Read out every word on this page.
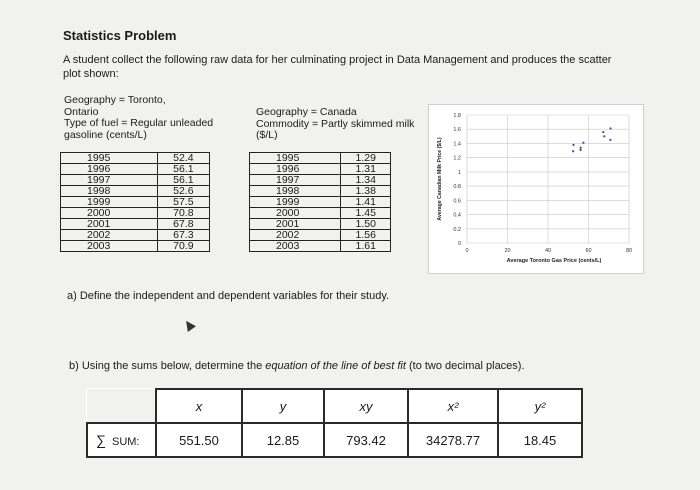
Statistics Problem
A student collect the following raw data for her culminating project in Data Management and produces the scatter plot shown:
Geography = Toronto,
Ontario
Type of fuel = Regular unleaded
gasoline (cents/L)
Geography = Canada
Commodity = Partly skimmed milk
($/L)
1995	52.4
1996	56.1
1997	56.1
1998	52.6
1999	57.5
2000	70.8
2001	67.8
2002	67.3
2003	70.9
1995	1.29
1996	1.31
1997	1.34
1998	1.38
1999	1.41
2000	1.45
2001	1.50
2002	1.56
2003	1.61	0
0.2
0.4
0.6
0.8
1
1.2
1.4
1.6
1.8
0	20	40	60	80
Average Toronto Gas Price (cents/L)
Average Canadian Milk Price ($/L)
a) Define the independent and dependent variables for their study.
b) Using the sums below, determine the equation of the line of best fit (to two decimal places).
	x	y	xy	x²	y²
∑ SUM:	551.50	12.85	793.42	34278.77	18.45
